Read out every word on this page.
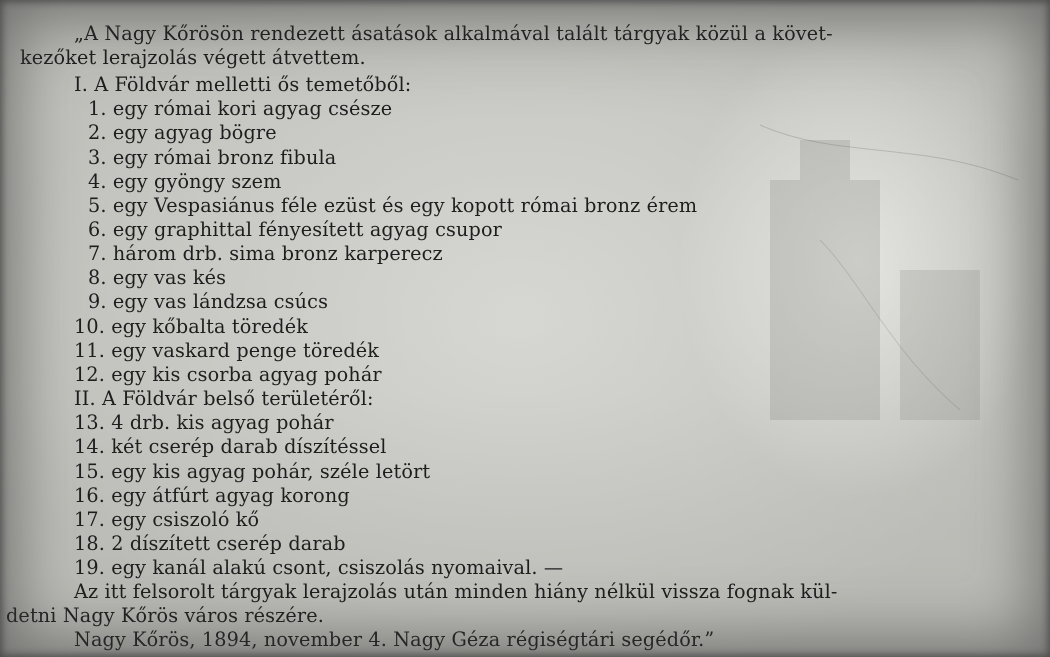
„A Nagy Kőrösön rendezett ásatások alkalmával talált tárgyak közül a követ-
kezőket lerajzolás végett átvettem.
I. A Földvár melletti ős temetőből:
1. egy római kori agyag csésze
2. egy agyag bögre
3. egy római bronz fibula
4. egy gyöngy szem
5. egy Vespasiánus féle ezüst és egy kopott római bronz érem
6. egy graphittal fényesített agyag csupor
7. három drb. sima bronz karperecz
8. egy vas kés
9. egy vas lándzsa csúcs
10. egy kőbalta töredék
11. egy vaskard penge töredék
12. egy kis csorba agyag pohár
II. A Földvár belső területéről:
13. 4 drb. kis agyag pohár
14. két cserép darab díszítéssel
15. egy kis agyag pohár, széle letört
16. egy átfúrt agyag korong
17. egy csiszoló kő
18. 2 díszített cserép darab
19. egy kanál alakú csont, csiszolás nyomaival. —
Az itt felsorolt tárgyak lerajzolás után minden hiány nélkül vissza fognak kül-
detni Nagy Kőrös város részére.
Nagy Kőrös, 1894, november 4. Nagy Géza régiségtári segédőr.”
